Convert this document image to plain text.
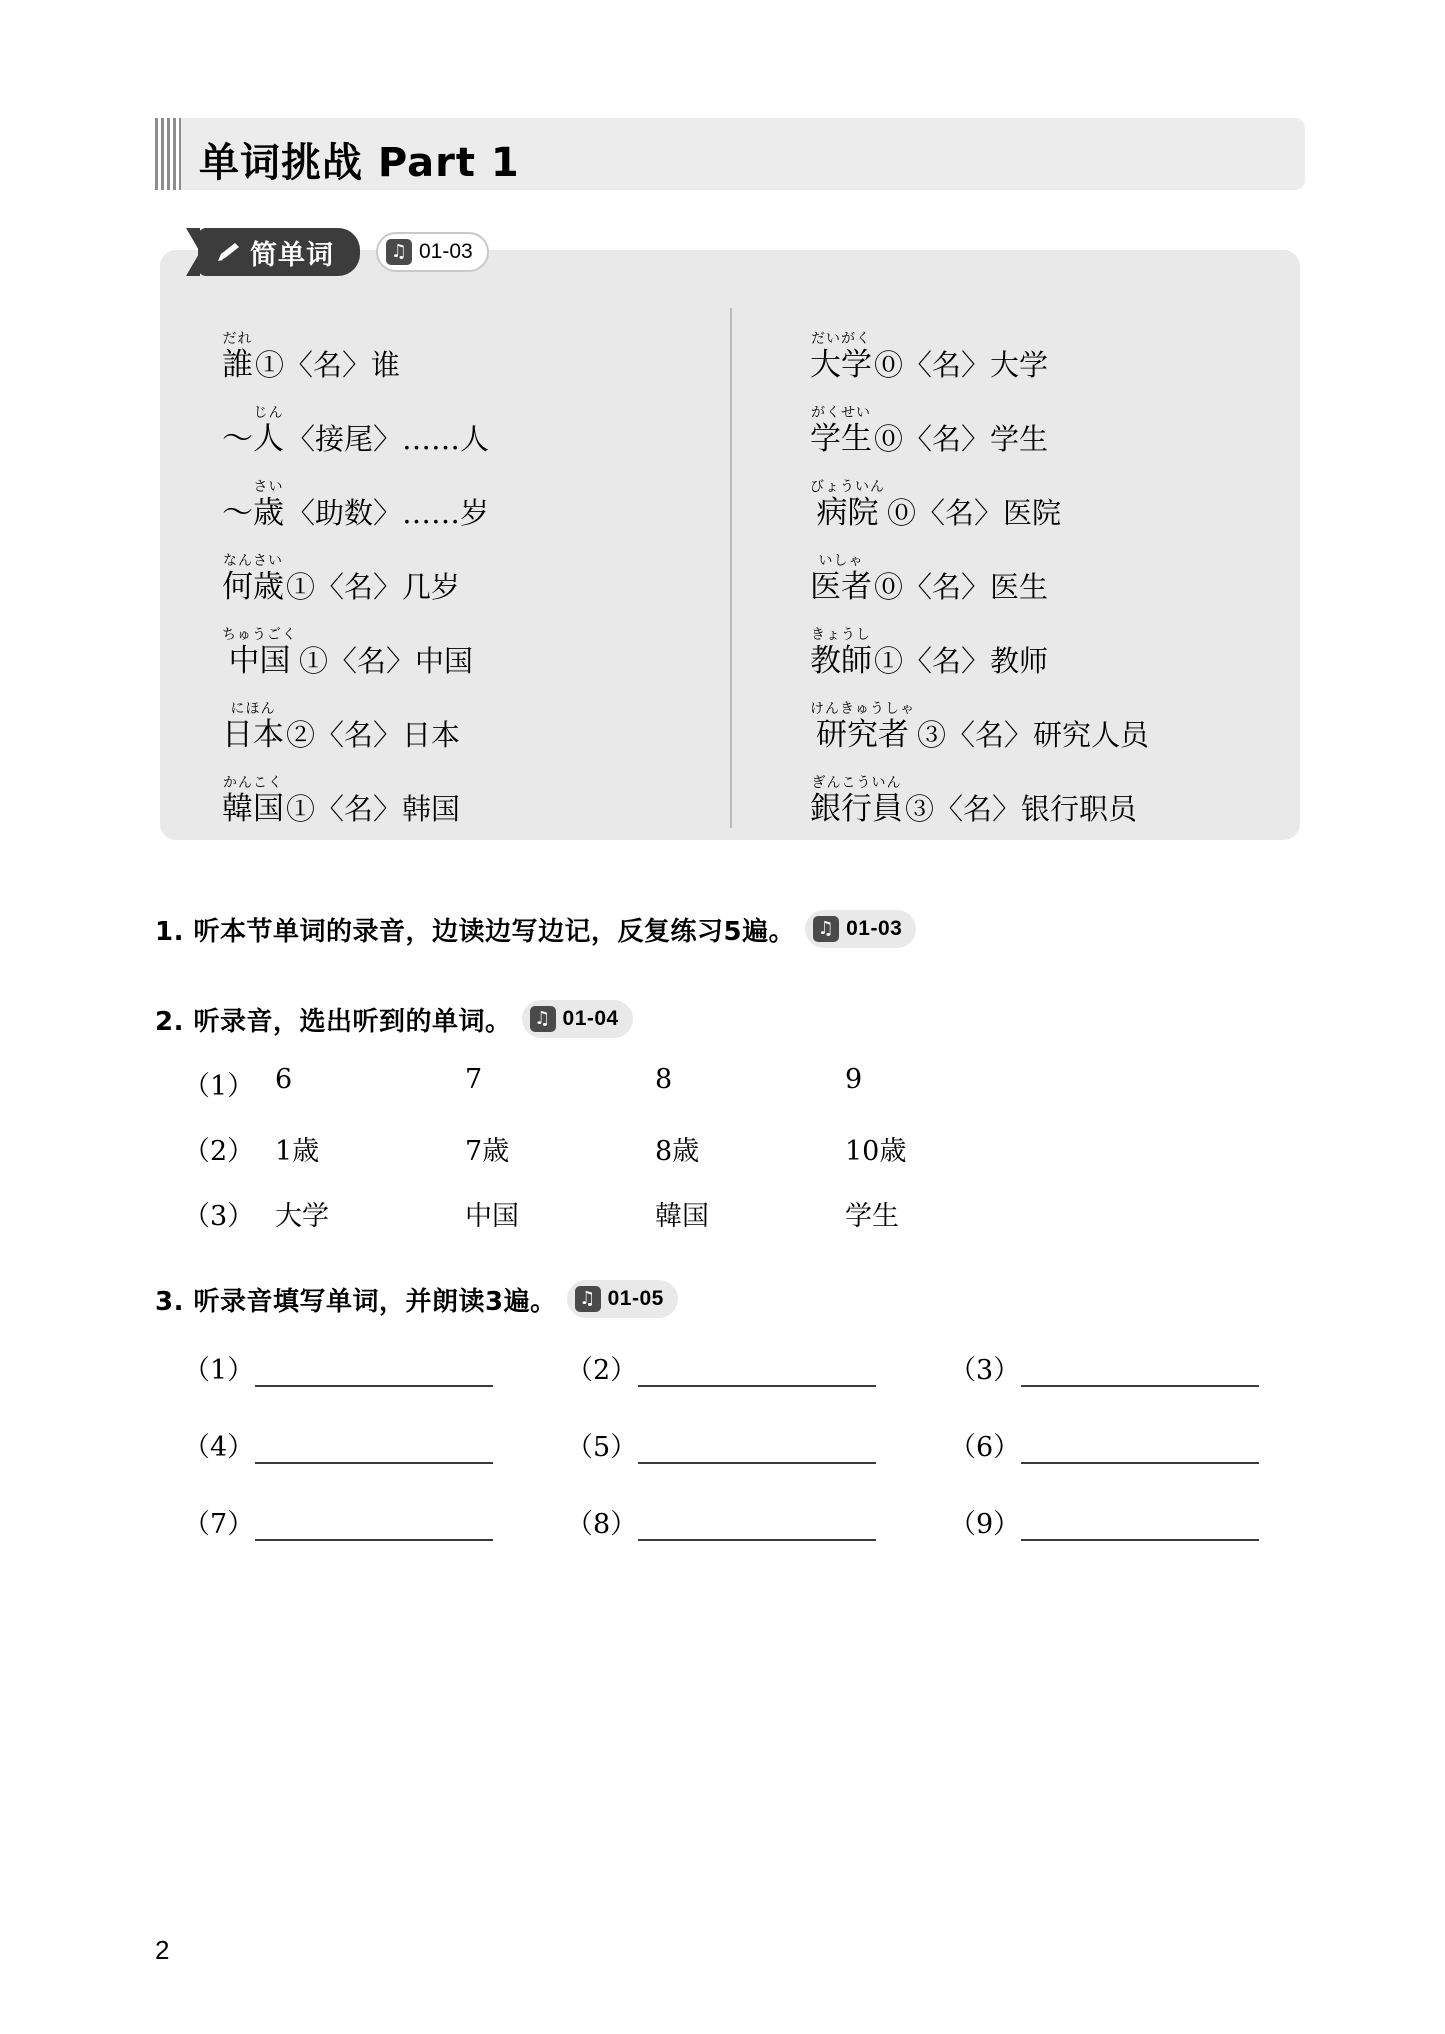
单词挑战 Part 1
简单词	♫ 01-03
だれ
誰 ①〈名〉谁
〜
じん
人 〈接尾〉……人
〜
さい
歳 〈助数〉……岁
なんさい
何歳 ①〈名〉几岁
ちゅうごく
中国 ①〈名〉中国
にほん
日本 ②〈名〉日本
かんこく
韓国 ①〈名〉韩国
だいがく
大学 ⓪〈名〉大学
がくせい
学生 ⓪〈名〉学生
びょういん
病院 ⓪〈名〉医院
いしゃ
医者 ⓪〈名〉医生
きょうし
教師 ①〈名〉教师
けんきゅうしゃ
研究者 ③〈名〉研究人员
ぎんこういん
銀行員 ③〈名〉银行职员
1. 听本节单词的录音，边读边写边记，反复练习5遍。 ♫ 01-03
2. 听录音，选出听到的单词。 ♫ 01-04
（1）	6	7	8	9
（2）	1歳	7歳	8歳	10歳
（3）	大学	中国	韓国	学生
3. 听录音填写单词，并朗读3遍。 ♫ 01-05
（1）	（2）	（3）
（4）	（5）	（6）
（7）	（8）	（9）
2
